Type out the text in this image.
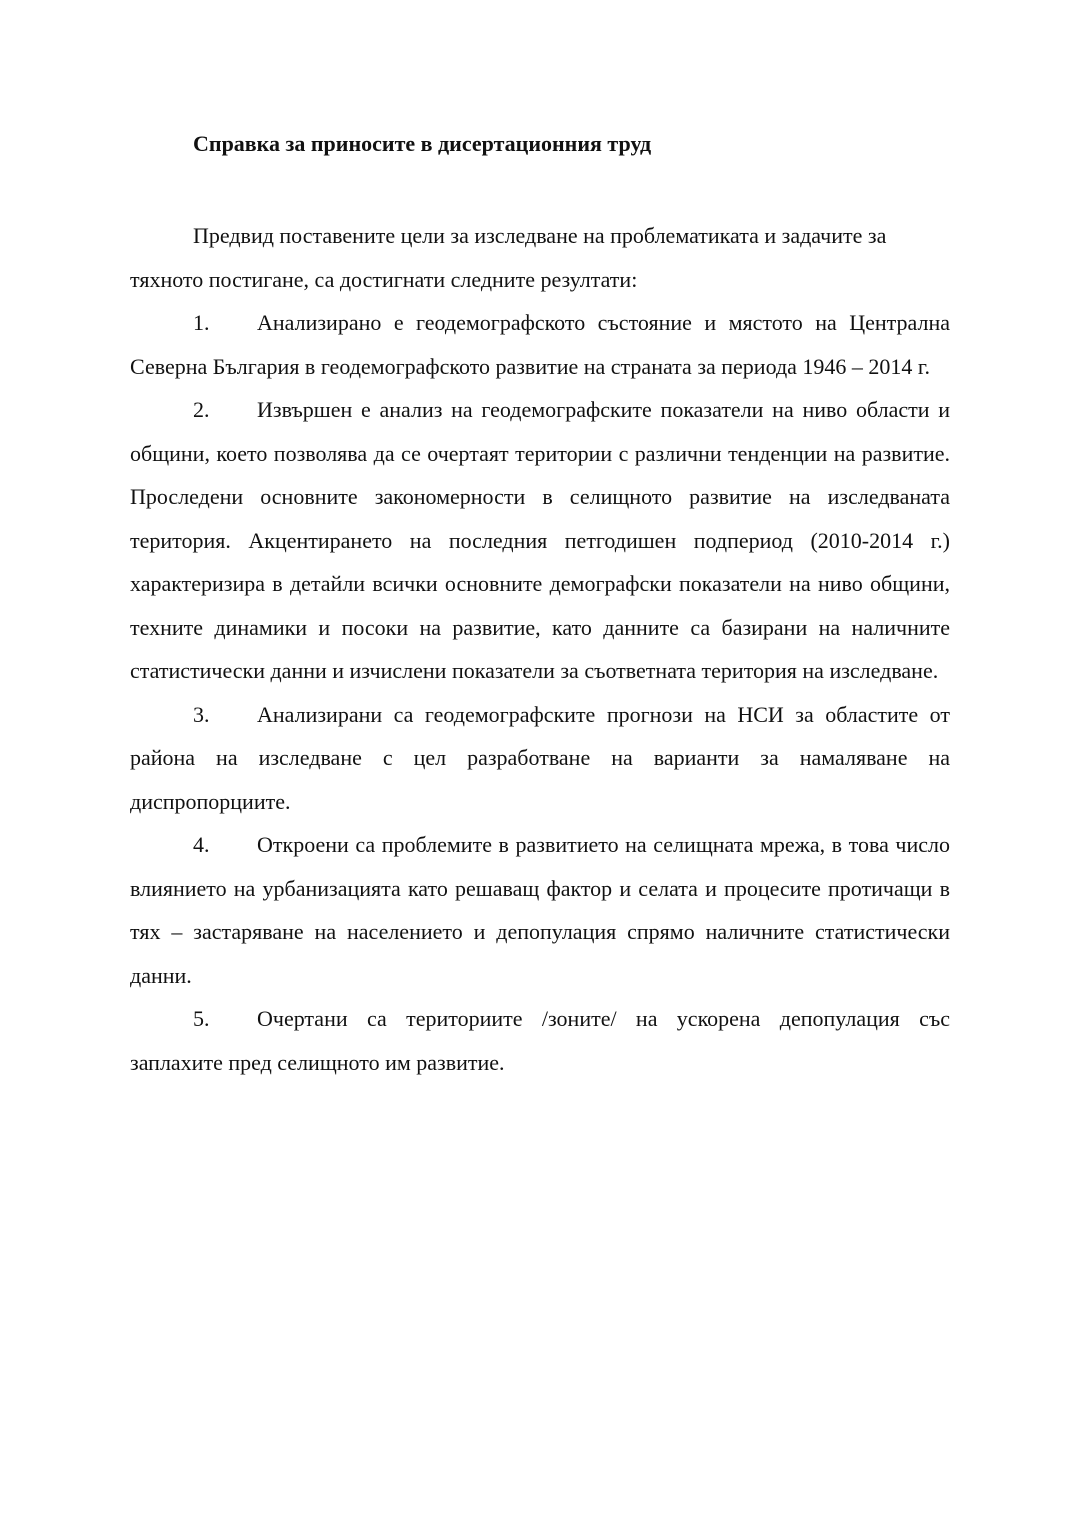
Справка за приносите в дисертационния труд

Предвид поставените цели за изследване на проблематиката и задачите за тяхното постигане, са достигнати следните резултати:

1. Анализирано е геодемографското състояние и мястото на Централна Северна България в геодемографското развитие на страната за периода 1946 – 2014 г.

2. Извършен е анализ на геодемографските показатели на ниво области и общини, което позволява да се очертаят територии с различни тенденции на развитие. Проследени основните закономерности в селищното развитие на изследваната територия. Акцентирането на последния петгодишен подпериод (2010-2014 г.) характеризира в детайли всички основните демографски показатели на ниво общини, техните динамики и посоки на развитие, като данните са базирани на наличните статистически данни и изчислени показатели за съответната територия на изследване.

3. Анализирани са геодемографските прогнози на НСИ за областите от района на изследване с цел разработване на варианти за намаляване на диспропорциите.

4. Откроени са проблемите в развитието на селищната мрежа, в това число влиянието на урбанизацията като решаващ фактор и селата и процесите протичащи в тях – застаряване на населението и депопулация спрямо наличните статистически данни.

5. Очертани са териториите /зоните/ на ускорена депопулация със заплахите пред селищното им развитие.
